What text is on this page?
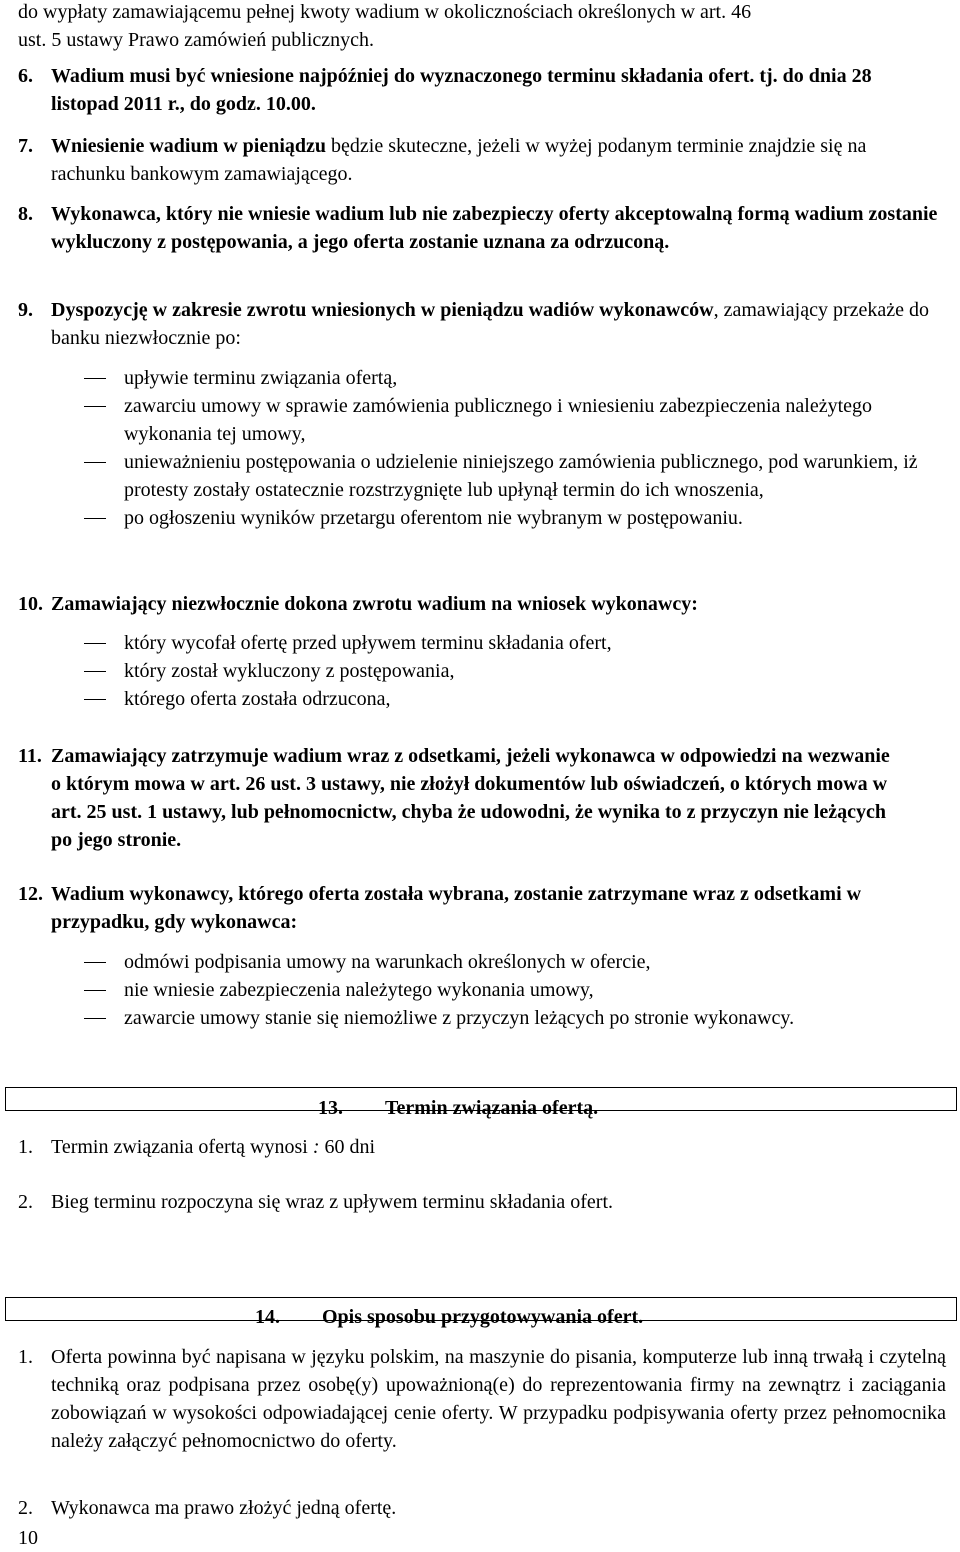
do wypłaty zamawiającemu pełnej kwoty wadium w okolicznościach określonych w art. 46
ust. 5 ustawy Prawo zamówień publicznych.
6. Wadium musi być wniesione najpóźniej do wyznaczonego terminu składania ofert. tj. do dnia 28 listopad 2011 r., do godz. 10.00.
7. Wniesienie wadium w pieniądzu będzie skuteczne, jeżeli w wyżej podanym terminie znajdzie się na rachunku bankowym zamawiającego.
8. Wykonawca, który nie wniesie wadium lub nie zabezpieczy oferty akceptowalną formą wadium zostanie wykluczony z postępowania, a jego oferta zostanie uznana za odrzuconą.
9. Dyspozycję w zakresie zwrotu wniesionych w pieniądzu wadiów wykonawców, zamawiający przekaże do banku niezwłocznie po:
upływie terminu związania ofertą,
zawarciu umowy w sprawie zamówienia publicznego i wniesieniu zabezpieczenia należytego wykonania tej umowy,
unieważnieniu postępowania o udzielenie niniejszego zamówienia publicznego, pod warunkiem, iż protesty zostały ostatecznie rozstrzygnięte lub upłynął termin do ich wnoszenia,
po ogłoszeniu wyników przetargu oferentom nie wybranym w postępowaniu.
10. Zamawiający niezwłocznie dokona zwrotu wadium na wniosek wykonawcy:
który wycofał ofertę przed upływem terminu składania ofert,
który został wykluczony z postępowania,
którego oferta została odrzucona,
11. Zamawiający zatrzymuje wadium wraz z odsetkami, jeżeli wykonawca w odpowiedzi na wezwanie o którym mowa w art. 26 ust. 3 ustawy, nie złożył dokumentów lub oświadczeń, o których mowa w art. 25 ust. 1 ustawy, lub pełnomocnictw, chyba że udowodni, że wynika to z przyczyn nie leżących po jego stronie.
12. Wadium wykonawcy, którego oferta została wybrana, zostanie zatrzymane wraz z odsetkami w przypadku, gdy wykonawca:
odmówi podpisania umowy na warunkach określonych w ofercie,
nie wniesie zabezpieczenia należytego wykonania umowy,
zawarcie umowy stanie się niemożliwe z przyczyn leżących po stronie wykonawcy.
13. Termin związania ofertą.
1. Termin związania ofertą wynosi : 60 dni
2. Bieg terminu rozpoczyna się wraz z upływem terminu składania ofert.
14. Opis sposobu przygotowywania ofert.
1. Oferta powinna być napisana w języku polskim, na maszynie do pisania, komputerze lub inną trwałą i czytelną techniką oraz podpisana przez osobę(y) upoważnioną(e) do reprezentowania firmy na zewnątrz i zaciągania zobowiązań w wysokości odpowiadającej cenie oferty. W przypadku podpisywania oferty przez pełnomocnika należy załączyć pełnomocnictwo do oferty.
2. Wykonawca ma prawo złożyć jedną ofertę.
10
